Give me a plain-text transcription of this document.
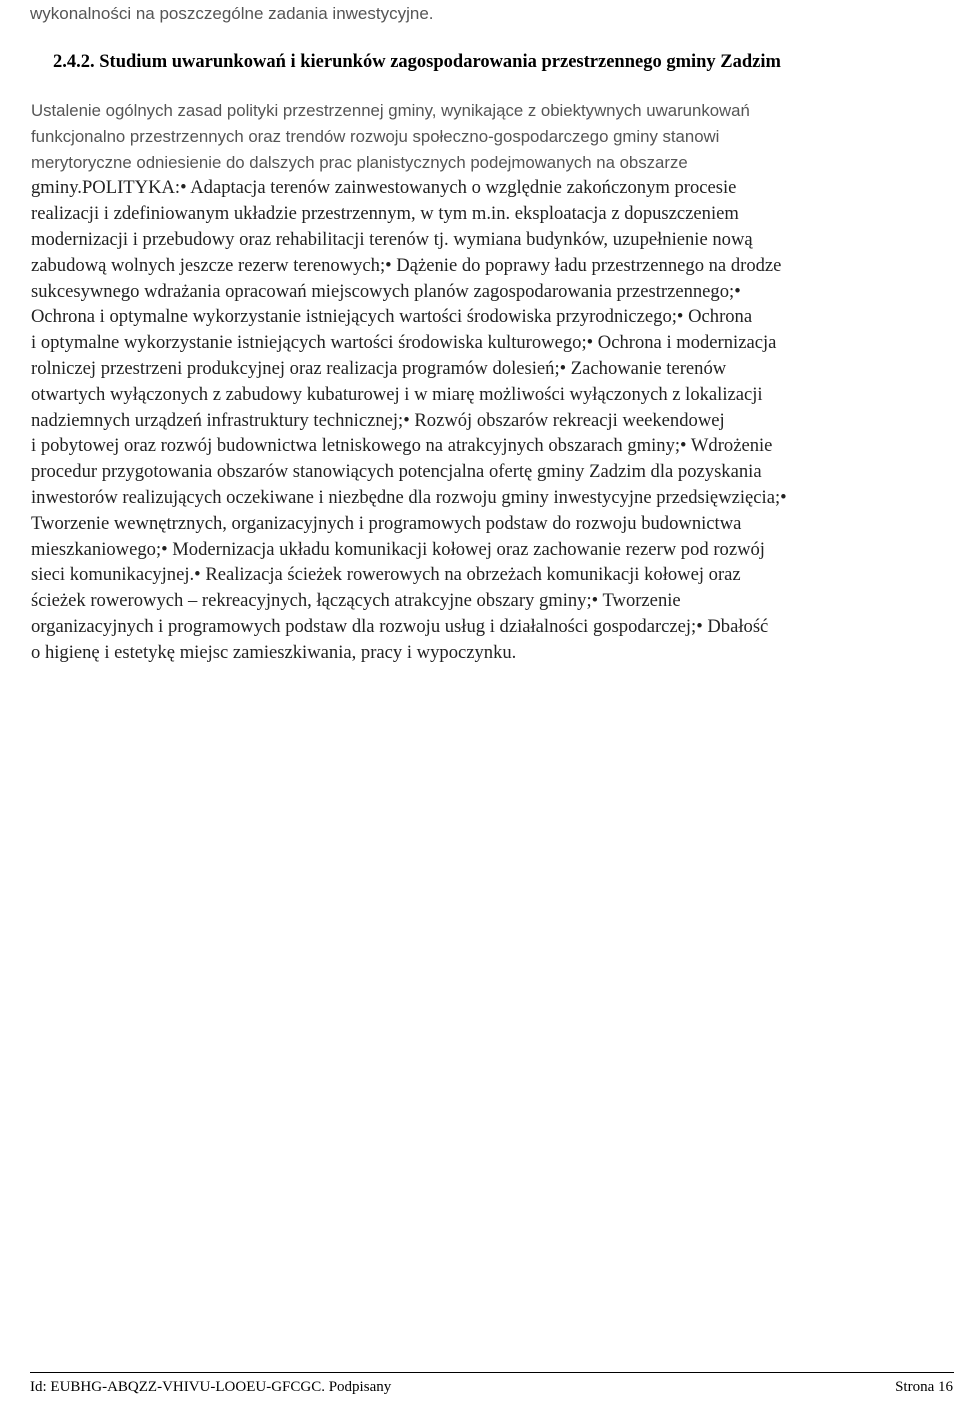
wykonalności na poszczególne zadania inwestycyjne.
2.4.2. Studium uwarunkowań i kierunków zagospodarowania przestrzennego gminy Zadzim
Ustalenie ogólnych zasad polityki przestrzennej gminy, wynikające z obiektywnych uwarunkowań
funkcjonalno przestrzennych oraz trendów rozwoju społeczno-gospodarczego gminy stanowi
merytoryczne odniesienie do dalszych prac planistycznych podejmowanych na obszarze
gminy.POLITYKA:• Adaptacja terenów zainwestowanych o względnie zakończonym procesie
realizacji i zdefiniowanym układzie przestrzennym, w tym m.in. eksploatacja z dopuszczeniem
modernizacji i przebudowy oraz rehabilitacji terenów tj. wymiana budynków, uzupełnienie nową
zabudową wolnych jeszcze rezerw terenowych;• Dążenie do poprawy ładu przestrzennego na drodze
sukcesywnego wdrażania opracowań miejscowych planów zagospodarowania przestrzennego;•
Ochrona i optymalne wykorzystanie istniejących wartości środowiska przyrodniczego;• Ochrona
i optymalne wykorzystanie istniejących wartości środowiska kulturowego;• Ochrona i modernizacja
rolniczej przestrzeni produkcyjnej oraz realizacja programów dolesień;• Zachowanie terenów
otwartych wyłączonych z zabudowy kubaturowej i w miarę możliwości wyłączonych z lokalizacji
nadziemnych urządzeń infrastruktury technicznej;• Rozwój obszarów rekreacji weekendowej
i pobytowej oraz rozwój budownictwa letniskowego na atrakcyjnych obszarach gminy;• Wdrożenie
procedur przygotowania obszarów stanowiących potencjalna ofertę gminy Zadzim dla pozyskania
inwestorów realizujących oczekiwane i niezbędne dla rozwoju gminy inwestycyjne przedsięwzięcia;•
Tworzenie wewnętrznych, organizacyjnych i programowych podstaw do rozwoju budownictwa
mieszkaniowego;• Modernizacja układu komunikacji kołowej oraz zachowanie rezerw pod rozwój
sieci komunikacyjnej.• Realizacja ścieżek rowerowych na obrzeżach komunikacji kołowej oraz
ścieżek rowerowych – rekreacyjnych, łączących atrakcyjne obszary gminy;• Tworzenie
organizacyjnych i programowych podstaw dla rozwoju usług i działalności gospodarczej;• Dbałość
o higienę i estetykę miejsc zamieszkiwania, pracy i wypoczynku.
Id: EUBHG-ABQZZ-VHIVU-LOOEU-GFCGC. Podpisany	Strona 16
